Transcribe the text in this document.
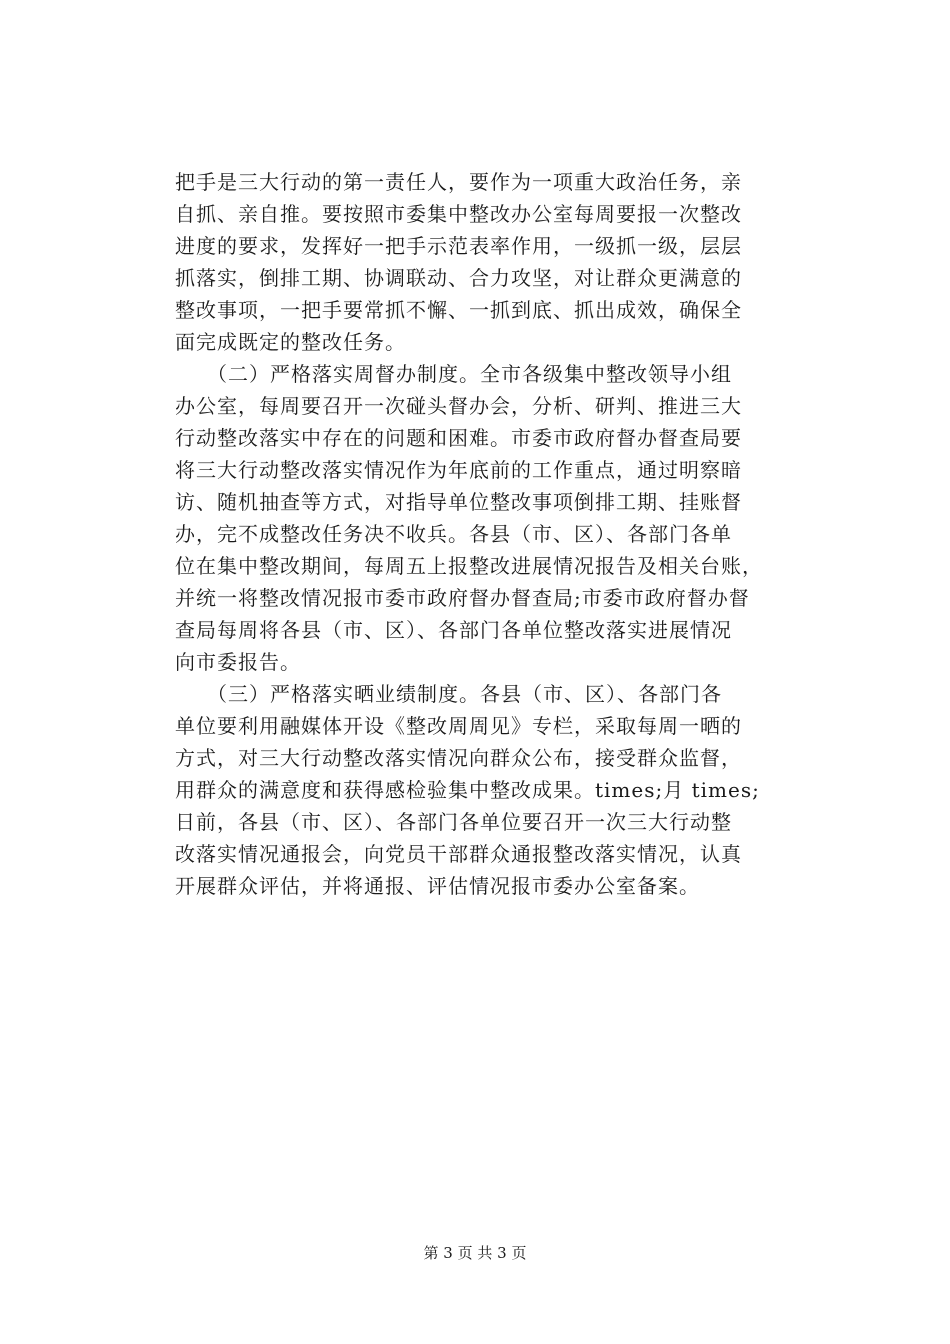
把手是三大行动的第一责任人，要作为一项重大政治任务，亲
自抓、亲自推。要按照市委集中整改办公室每周要报一次整改
进度的要求，发挥好一把手示范表率作用，一级抓一级，层层
抓落实，倒排工期、协调联动、合力攻坚，对让群众更满意的
整改事项，一把手要常抓不懈、一抓到底、抓出成效，确保全
面完成既定的整改任务。
　　（二）严格落实周督办制度。全市各级集中整改领导小组
办公室，每周要召开一次碰头督办会，分析、研判、推进三大
行动整改落实中存在的问题和困难。市委市政府督办督查局要
将三大行动整改落实情况作为年底前的工作重点，通过明察暗
访、随机抽查等方式，对指导单位整改事项倒排工期、挂账督
办，完不成整改任务决不收兵。各县（市、区）、各部门各单
位在集中整改期间，每周五上报整改进展情况报告及相关台账，
并统一将整改情况报市委市政府督办督查局;市委市政府督办督
查局每周将各县（市、区）、各部门各单位整改落实进展情况
向市委报告。
　　（三）严格落实晒业绩制度。各县（市、区）、各部门各
单位要利用融媒体开设《整改周周见》专栏，采取每周一晒的
方式，对三大行动整改落实情况向群众公布，接受群众监督，
用群众的满意度和获得感检验集中整改成果。times;月 times;
日前，各县（市、区）、各部门各单位要召开一次三大行动整
改落实情况通报会，向党员干部群众通报整改落实情况，认真
开展群众评估，并将通报、评估情况报市委办公室备案。
第 3 页 共 3 页
